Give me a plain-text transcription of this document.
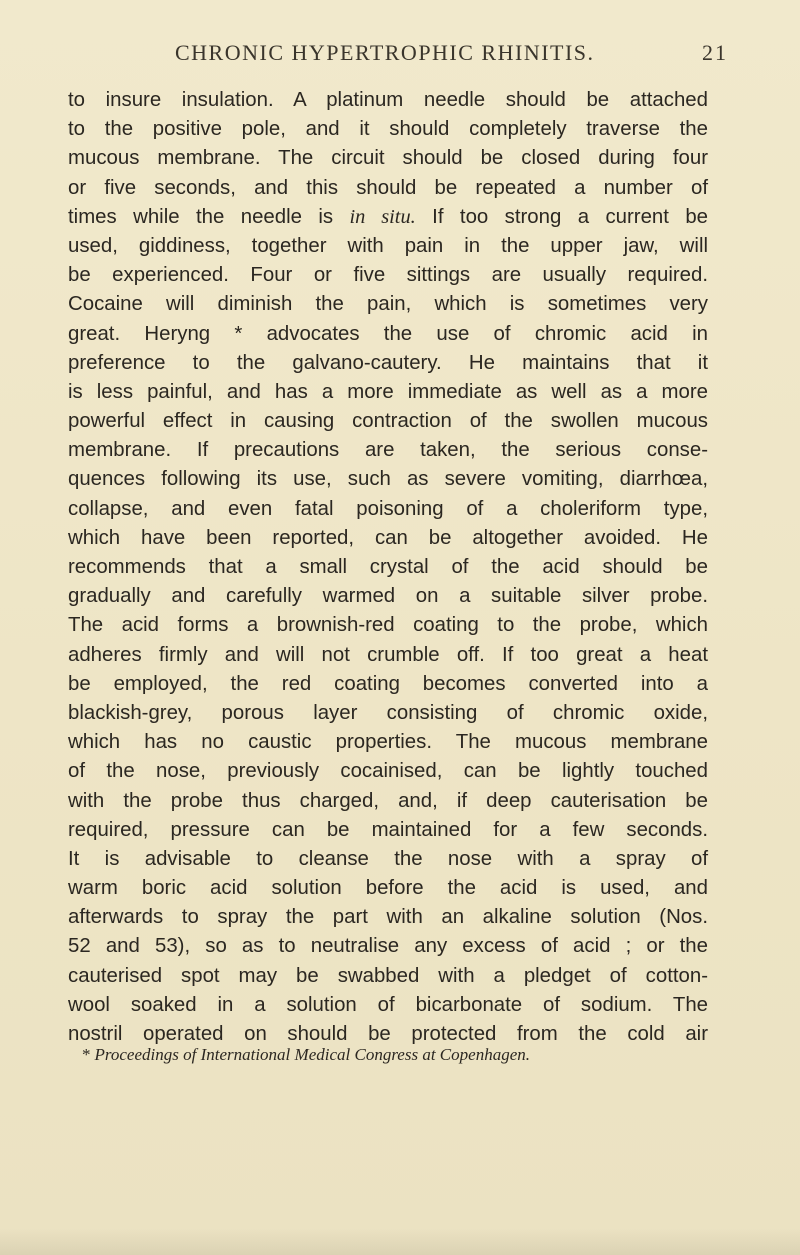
CHRONIC HYPERTROPHIC RHINITIS.	21
to insure insulation. A platinum needle should be attached
to the positive pole, and it should completely traverse the
mucous membrane. The circuit should be closed during four
or five seconds, and this should be repeated a number of
times while the needle is in situ. If too strong a current be
used, giddiness, together with pain in the upper jaw, will
be experienced. Four or five sittings are usually required.
Cocaine will diminish the pain, which is sometimes very
great. Heryng * advocates the use of chromic acid in
preference to the galvano-cautery. He maintains that it
is less painful, and has a more immediate as well as a more
powerful effect in causing contraction of the swollen mucous
membrane. If precautions are taken, the serious conse-
quences following its use, such as severe vomiting, diarrhœa,
collapse, and even fatal poisoning of a choleriform type,
which have been reported, can be altogether avoided. He
recommends that a small crystal of the acid should be
gradually and carefully warmed on a suitable silver probe.
The acid forms a brownish-red coating to the probe, which
adheres firmly and will not crumble off. If too great a heat
be employed, the red coating becomes converted into a
blackish-grey, porous layer consisting of chromic oxide,
which has no caustic properties. The mucous membrane
of the nose, previously cocainised, can be lightly touched
with the probe thus charged, and, if deep cauterisation be
required, pressure can be maintained for a few seconds.
It is advisable to cleanse the nose with a spray of
warm boric acid solution before the acid is used, and
afterwards to spray the part with an alkaline solution (Nos.
52 and 53), so as to neutralise any excess of acid ; or the
cauterised spot may be swabbed with a pledget of cotton-
wool soaked in a solution of bicarbonate of sodium. The
nostril operated on should be protected from the cold air
* Proceedings of International Medical Congress at Copenhagen.
